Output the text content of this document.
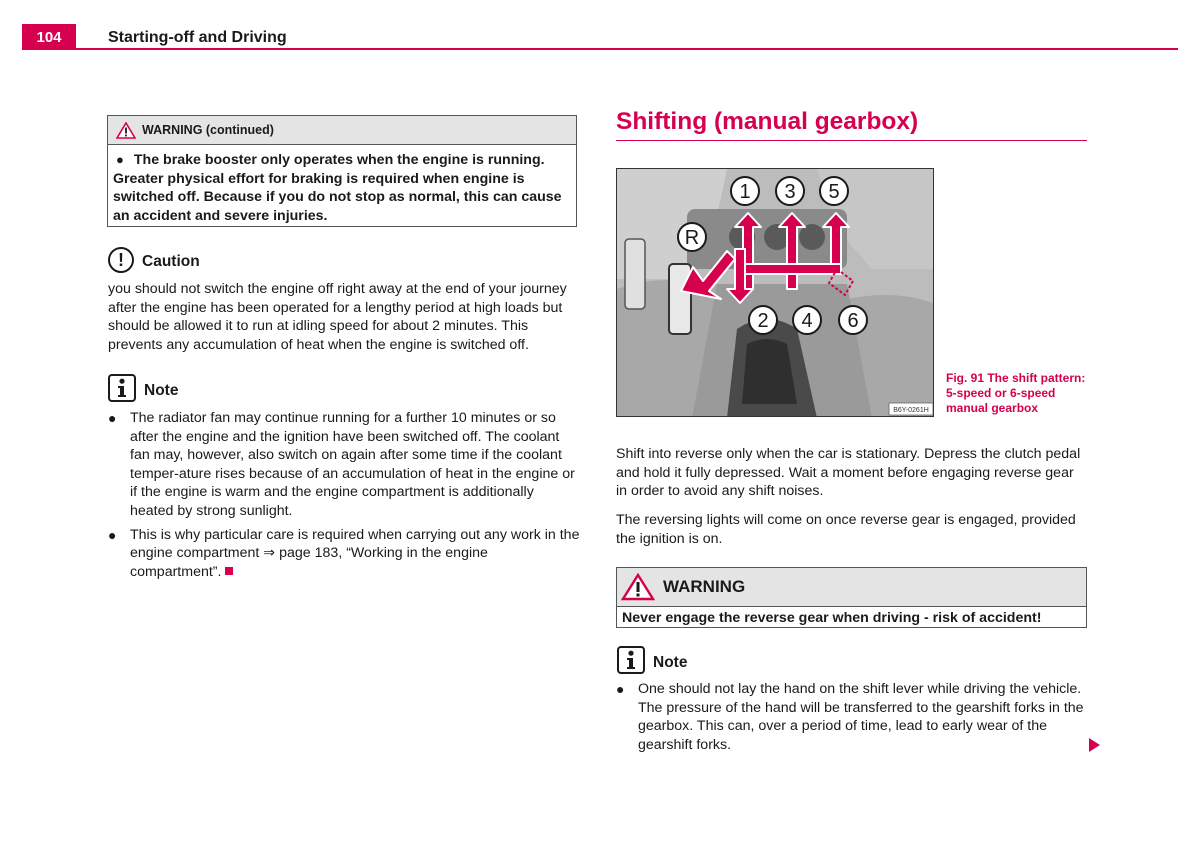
104	Starting-off and Driving
WARNING (continued)
● The brake booster only operates when the engine is running. Greater physical effort for braking is required when engine is switched off. Because if you do not stop as normal, this can cause an accident and severe injuries.
!	Caution
you should not switch the engine off right away at the end of your journey after the engine has been operated for a lengthy period at high loads but should be allowed it to run at idling speed for about 2 minutes. This prevents any accumulation of heat when the engine is switched off.
Note
● The radiator fan may continue running for a further 10 minutes or so after the engine and the ignition have been switched off. The coolant fan may, however, also switch on again after some time if the coolant temper-ature rises because of an accumulation of heat in the engine or if the engine is warm and the engine compartment is additionally heated by strong sunlight.
● This is why particular care is required when carrying out any work in the engine compartment ⇒ page 183, “Working in the engine compartment”.
Shifting (manual gearbox)
1 3 5
R
2 4 6
B6Y-0261H
Fig. 91 The shift pattern: 5-speed or 6-speed manual gearbox
Shift into reverse only when the car is stationary. Depress the clutch pedal and hold it fully depressed. Wait a moment before engaging reverse gear in order to avoid any shift noises.
The reversing lights will come on once reverse gear is engaged, provided the ignition is on.
WARNING
Never engage the reverse gear when driving - risk of accident!
Note
● One should not lay the hand on the shift lever while driving the vehicle. The pressure of the hand will be transferred to the gearshift forks in the gearbox. This can, over a period of time, lead to early wear of the gearshift forks.
